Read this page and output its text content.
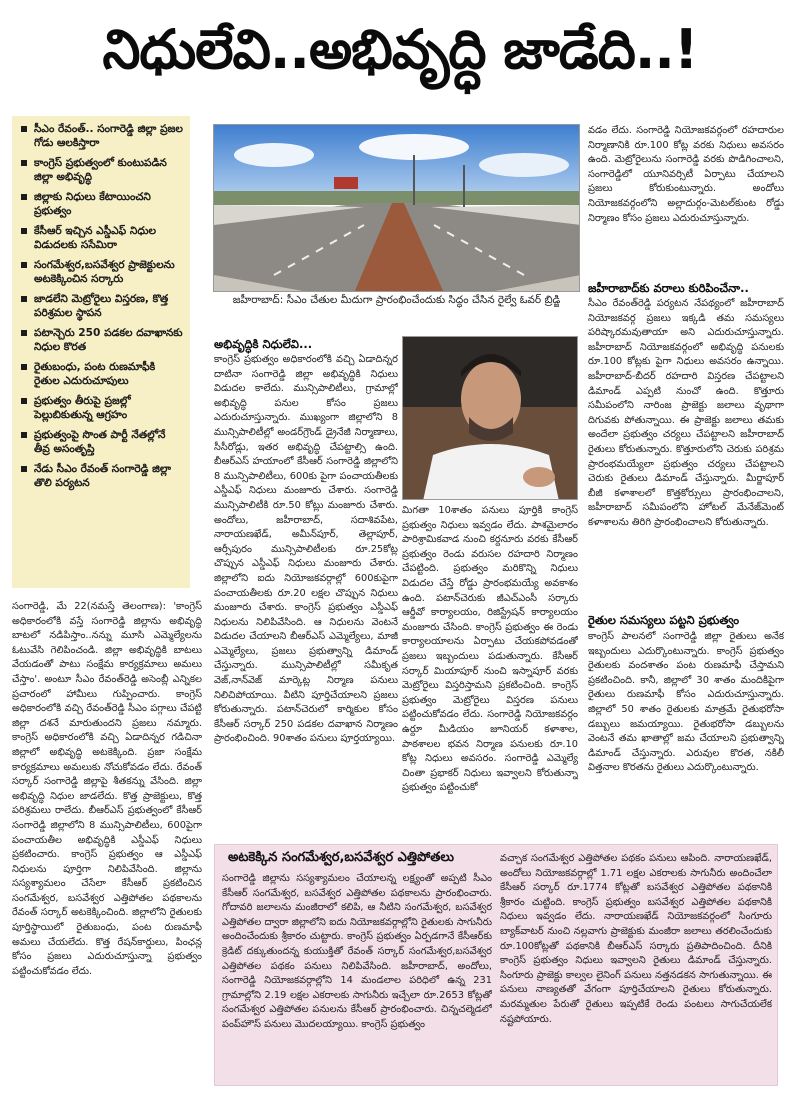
నిధులేవి..అభివృద్ధి జాడేది..!
సీఎం రేవంత్.. సంగారెడ్డి జిల్లా ప్రజల గోడు ఆలకిస్తారా
కాంగ్రెస్ ప్రభుత్వంలో కుంటుపడిన జిల్లా అభివృద్ధి
జిల్లాకు నిధులు కేటాయించని ప్రభుత్వం
కేసీఆర్ ఇచ్చిన ఎస్డీఎఫ్ నిధుల విడుదలకు ససేమిరా
సంగమేశ్వర,బసవేశ్వర ప్రాజెక్టులను అటకెక్కించిన సర్కారు
జాడలేని మెట్రోరైలు విస్తరణ, కొత్త పరిశ్రమల స్థాపన
పటాన్చెరు 250 పడకల దవాఖానకు నిధుల కొరత
రైతుబంధు, పంట రుణమాఫీకి రైతుల ఎదురుచూపులు
ప్రభుత్వం తీరుపై ప్రజల్లో పెల్లుబికుతున్న ఆగ్రహం
ప్రభుత్వంపై సొంత పార్టీ నేతల్లోనే తీవ్ర అసంతృప్తి
నేడు సీఎం రేవంత్ సంగారెడ్డి జిల్లా తొలి పర్యటన
జహీరాబాద్: సీఎం చేతుల మీదుగా ప్రారంభించేందుకు సిద్ధం చేసిన రైల్వే ఓవర్ బ్రిడ్జి
అభివృద్ధికి నిధులేవి...
కాంగ్రెస్ ప్రభుత్వం అధికారంలోకి వచ్చి ఏడాదిన్నర దాటినా సంగారెడ్డి జిల్లా అభివృద్ధికి నిధులు విడుదల కాలేదు. మున్సిపాలిటీలు, గ్రామాల్లో అభివృద్ధి పనుల కోసం ప్రజలు ఎదురుచూస్తున్నారు. ముఖ్యంగా జిల్లాలోని 8 మున్సిపాలిటీల్లో అండర్‌గ్రౌండ్ డ్రైనేజీ నిర్మాణాలు, సీసీరోడ్లు, ఇతర అభివృద్ధి చేపట్టాల్సి ఉంది. బీఆర్ఎస్ హయాంలో కేసీఆర్ సంగారెడ్డి జిల్లాలోని 8 మున్సిపాలిటీలు, 600కు పైగా పంచాయతీలకు ఎస్డీఎఫ్ నిధులు మంజూరు చేశారు. సంగారెడ్డి మున్సిపాలిటీకి రూ.50 కోట్లు మంజూరు చేశారు. అందోలు, జహీరాబాద్, సదాశివపేట, నారాయణఖేడ్, అమీన్‌పూర్, తెల్లాపూర్, ఆర్సీపురం మున్సిపాలిటీలకు రూ.25కోట్ల చొప్పున ఎస్డీఎఫ్ నిధులు మంజూరు చేశారు. జిల్లాలోని ఐదు నియోజకవర్గాల్లో 600కుపైగా పంచాయతీలకు రూ.20 లక్షల చొప్పున నిధులు మంజూరు చేశారు. కాంగ్రెస్ ప్రభుత్వం ఎస్డీఎఫ్ నిధులను నిలిపివేసింది. ఆ నిధులను వెంటనే విడుదల చేయాలని బీఆర్ఎస్ ఎమ్మెల్యేలు, మాజీ ఎమ్మెల్యేలు, ప్రజలు ప్రభుత్వాన్ని డిమాండ్ చేస్తున్నారు. మున్సిపాలిటీల్లో సమీకృత వెజ్,నాన్‌వెజ్ మార్కెట్ల నిర్మాణ పనులు నిలిచిపోయాయి. వీటిని పూర్తిచేయాలని ప్రజలు కోరుతున్నారు. పటాన్‌చెరులో కార్మికుల కోసం కేసీఆర్ సర్కార్ 250 పడకల దవాఖాన నిర్మాణం ప్రారంభించింది. 90శాతం పనులు పూర్తయ్యాయి.
మిగతా 10శాతం పనులు పూర్తికి కాంగ్రెస్ ప్రభుత్వం నిధులు ఇవ్వడం లేదు. పాశమైలారం పారిశ్రామికవాడ నుంచి కర్దనూరు వరకు కేసీఆర్ ప్రభుత్వం రెండు వరుసల రహదారి నిర్మాణం చేపట్టింది. ప్రభుత్వం మరికొన్ని నిధులు విడుదల చేస్తే రోడ్డు ప్రారంభమయ్యే అవకాశం ఉంది. పటాన్‌చెరుకు జీఎచ్ఎంసీ సర్కారు ఆర్డీవో కార్యాలయం, రిజిస్ట్రేషన్ కార్యాలయం మంజూరు చేసింది. కాంగ్రెస్ ప్రభుత్వం ఈ రెండు కార్యాలయాలను ఏర్పాటు చేయకపోవడంతో ప్రజలు ఇబ్బందులు పడుతున్నారు. కేసీఆర్ సర్కార్ మియాపూర్ నుంచి ఇస్నాపూర్ వరకు మెట్రోరైలు విస్తరిస్తామని ప్రకటించింది. కాంగ్రెస్ ప్రభుత్వం మెట్రోరైలు విస్తరణ పనులు పట్టించుకోవడం లేదు. సంగారెడ్డి నియోజకవర్గం ఉర్దూ మీడియం జూనియర్ కళాశాల, పాఠశాలల భవన నిర్మాణ పనులకు రూ.10 కోట్ల నిధులు అవసరం. సంగారెడ్డి ఎమ్మెల్యే చింతా ప్రభాకర్ నిధులు ఇవ్వాలని కోరుతున్నా ప్రభుత్వం పట్టించుకో
వడం లేదు. సంగారెడ్డి నియోజకవర్గంలో రహదారుల నిర్మాణానికి రూ.100 కోట్ల వరకు నిధులు అవసరం ఉంది. మెట్రోరైలును సంగారెడ్డి వరకు పొడిగించాలని, సంగారెడ్డిలో యూనివర్సిటీ ఏర్పాటు చేయాలని ప్రజలు కోరుకుంటున్నారు. అందోలు నియోజకవర్గంలోని అల్లాదుర్గం-మెటల్‌కుంట రోడ్డు నిర్మాణం కోసం ప్రజలు ఎదురుచూస్తున్నారు.
జహీరాబాద్‌కు వరాలు కురిపించేనా..
సీఎం రేవంత్‌రెడ్డి పర్యటన నేపథ్యంలో జహీరాబాద్ నియోజకవర్గ ప్రజలు ఇక్కడి తమ సమస్యలు పరిష్కారమవుతాయా అని ఎదురుచూస్తున్నారు. జహీరాబాద్ నియోజకవర్గంలో అభివృద్ధి పనులకు రూ.100 కోట్లకు పైగా నిధులు అవసరం ఉన్నాయి. జహీరాబాద్-బీదర్ రహదారి విస్తరణ చేపట్టాలని డిమాండ్ ఎప్పటి నుంచో ఉంది. కొత్తూరు సమీపంలోని నారింజ ప్రాజెక్టు జలాలు వృథాగా దిగువకు పోతున్నాయి. ఈ ప్రాజెక్టు జలాలు తమకు అందేలా ప్రభుత్వం చర్యలు చేపట్టాలని జహీరాబాద్ రైతులు కోరుతున్నారు. కొత్తూరులోని చెరుకు పరిశ్రమ ప్రారంభమయ్యేలా ప్రభుత్వం చర్యలు చేపట్టాలని చెరుకు రైతులు డిమాండ్ చేస్తున్నారు. మీర్జాపూర్ బీజీ కళాశాలలో కొత్తకోర్సులు ప్రారంభించాలని, జహీరాబాద్ సమీపంలోని హోటల్ మేనేజ్‌మెంట్ కళాశాలను తిరిగి ప్రారంభించాలని కోరుతున్నారు.
రైతుల సమస్యలు పట్టని ప్రభుత్వం
కాంగ్రెస్ పాలనలో సంగారెడ్డి జిల్లా రైతులు అనేక ఇబ్బందులు ఎదుర్కొంటున్నారు. కాంగ్రెస్ ప్రభుత్వం రైతులకు వందశాతం పంట రుణమాఫీ చేస్తామని ప్రకటించింది. కానీ, జిల్లాలో 30 శాతం మందికిపైగా రైతులు రుణమాఫీ కోసం ఎదురుచూస్తున్నారు. జిల్లాలో 50 శాతం రైతులకు మాత్రమే రైతుభరోసా డబ్బులు జమయ్యాయి. రైతుభరోసా డబ్బులను వెంటనే తమ ఖాతాల్లో జమ చేయాలని ప్రభుత్వాన్ని డిమాండ్ చేస్తున్నారు. ఎరువుల కొరత, నకిలీ విత్తనాల కొరతను రైతులు ఎదుర్కొంటున్నారు.
సంగారెడ్డి, మే 22(నమస్తే తెలంగాణ): 'కాంగ్రెస్ అధికారంలోకి వస్తే సంగారెడ్డి జిల్లాను అభివృద్ధి బాటలో నడిపిస్తాం..నన్ను మూసి ఎమ్మెల్యేలను ఓటువేసి గెలిపించండి. జిల్లా అభివృద్ధికి బాటలు వేయడంతో పాటు సంక్షేమ కార్యక్రమాలు అమలు చేస్తాం'. అంటూ సీఎం రేవంత్‌రెడ్డి అసెంబ్లీ ఎన్నికల ప్రచారంలో హామీలు గుప్పించారు. కాంగ్రెస్ అధికారంలోకి వచ్చి రేవంత్‌రెడ్డి సీఎం పగ్గాలు చేపట్టి జిల్లా దశనే మారుతుందని ప్రజలు నమ్మారు. కాంగ్రెస్ అధికారంలోకి వచ్చి ఏడాదిన్నర గడిచినా జిల్లాలో అభివృద్ధి అటకెక్కింది. ప్రజా సంక్షేమ కార్యక్రమాలు అమలుకు నోచుకోవడం లేదు. రేవంత్ సర్కార్ సంగారెడ్డి జిల్లాపై శీతకన్ను వేసింది. జిల్లా అభివృద్ధి నిధుల జాడలేదు. కొత్త ప్రాజెక్టులు, కొత్త పరిశ్రమలు రాలేదు. బీఆర్ఎస్ ప్రభుత్వంలో కేసీఆర్ సంగారెడ్డి జిల్లాలోని 8 మున్సిపాలిటీలు, 600పైగా పంచాయతీల అభివృద్ధికి ఎస్డీఎఫ్ నిధులు ప్రకటించారు. కాంగ్రెస్ ప్రభుత్వం ఆ ఎస్డీఎఫ్ నిధులను పూర్తిగా నిలిపివేసింది. జిల్లాను సస్యశ్యామలం చేసేలా కేసీఆర్ ప్రకటించిన సంగమేశ్వర, బసవేశ్వర ఎత్తిపోతల పథకాలను రేవంత్ సర్కార్ అటకెక్కించింది. జిల్లాలోని రైతులకు పూర్తిస్థాయిలో రైతుబంధు, పంట రుణమాఫీ అమలు చేయలేదు. కొత్త రేషన్‌కార్డులు, పింఛన్ల కోసం ప్రజలు ఎదురుచూస్తున్నా ప్రభుత్వం పట్టించుకోవడం లేదు.
అటకెక్కిన సంగమేశ్వర,బసవేశ్వర ఎత్తిపోతలు
సంగారెడ్డి జిల్లాను సస్యశ్యామలం చేయాలన్న లక్ష్యంతో అప్పటి సీఎం కేసీఆర్ సంగమేశ్వర, బసవేశ్వర ఎత్తిపోతల పథకాలను ప్రారంభించారు. గోదావరి జలాలను మంజీరాలో కలిపి, ఆ నీటిని సంగమేశ్వర, బసవేశ్వర ఎత్తిపోతల ద్వారా జిల్లాలోని ఐదు నియోజకవర్గాల్లోని రైతులకు సాగునీరు అందించేందుకు శ్రీకారం చుట్టారు. కాంగ్రెస్ ప్రభుత్వం ఏర్పడగానే కేసీఆర్‌కు క్రెడిట్ దక్కుతుందన్న కుయుక్తితో రేవంత్ సర్కార్ సంగమేశ్వర,బసవేశ్వర ఎత్తిపోతల పథకం పనులు నిలిపివేసింది. జహీరాబాద్, అందోలు, సంగారెడ్డి నియోజకవర్గాల్లోని 14 మండలాల పరిధిలో ఉన్న 231 గ్రామాల్లోని 2.19 లక్షల ఎకరాలకు సాగునీరు ఇచ్చేలా రూ.2653 కోట్లతో సంగమేశ్వర ఎత్తిపోతల పనులను కేసీఆర్ ప్రారంభించారు. చిన్నచల్మెడలో పంప్‌హౌస్ పనులు మొదలయ్యాయి. కాంగ్రెస్ ప్రభుత్వం
వచ్చాక సంగమేశ్వర ఎత్తిపోతల పథకం పనులు ఆపింది. నారాయణఖేడ్, అందోలు నియోజకవర్గాల్లో 1.71 లక్షల ఎకరాలకు సాగునీరు అందించేలా కేసీఆర్ సర్కార్ రూ.1774 కోట్లతో బసవేశ్వర ఎత్తిపోతల పథకానికి శ్రీకారం చుట్టింది. కాంగ్రెస్ ప్రభుత్వం బసవేశ్వర ఎత్తిపోతల పథకానికి నిధులు ఇవ్వడం లేదు. నారాయణఖేడ్ నియోజకవర్గంలో సింగూరు బ్యాక్‌వాటర్ నుంచి నల్లవాగు ప్రాజెక్టుకు మంజీరా జలాలు తరలించేందుకు రూ.100కోట్లతో పథకానికి బీఆర్ఎస్ సర్కారు ప్రతిపాదించింది. దీనికి కాంగ్రెస్ ప్రభుత్వం నిధులు ఇవ్వాలని రైతులు డిమాండ్ చేస్తున్నారు. సింగూరు ప్రాజెక్టు కాల్వల లైనింగ్ పనులు నత్తనడకన సాగుతున్నాయి. ఈ పనులు నాణ్యతతో వేగంగా పూర్తిచేయాలని రైతులు కోరుతున్నారు. మరమ్మతుల పేరుతో రైతులు ఇప్పటికే రెండు పంటలు సాగుచేయలేక నష్టపోయారు.
